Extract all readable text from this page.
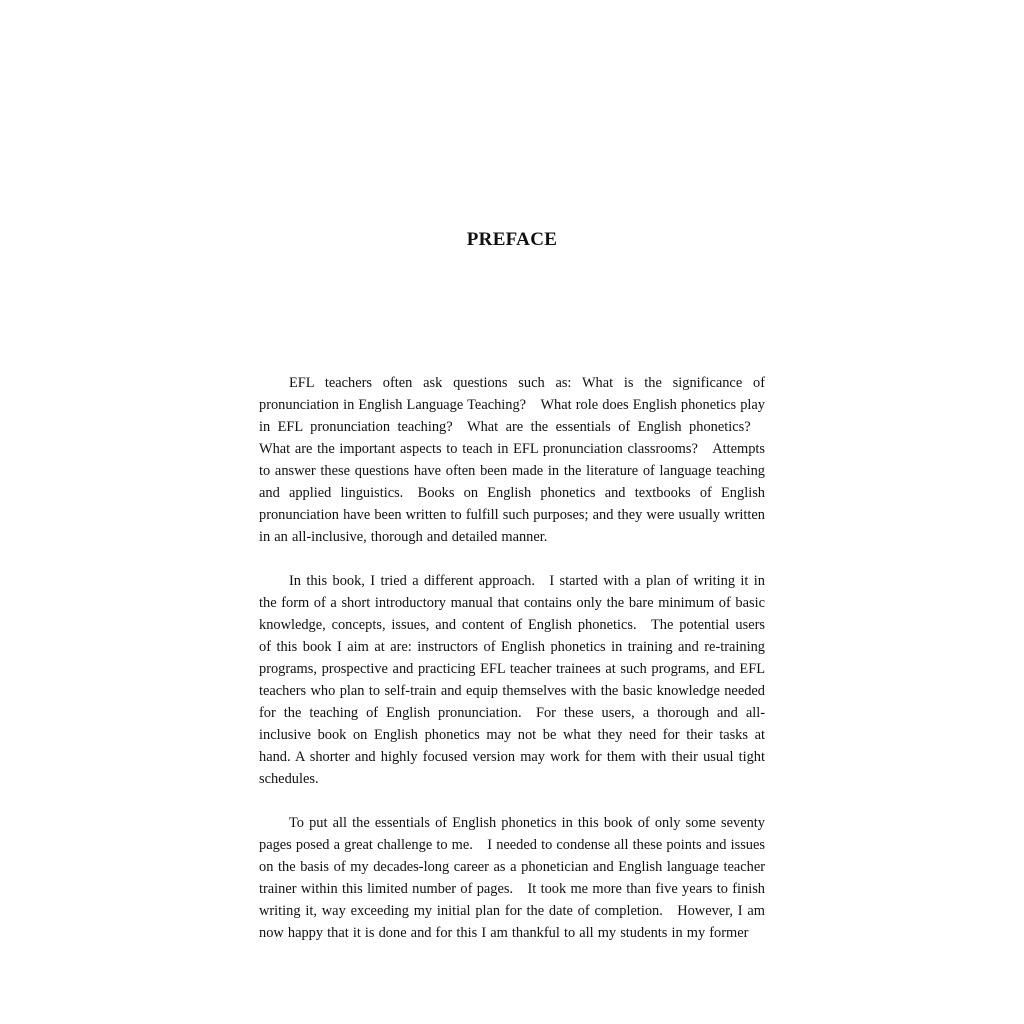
PREFACE

EFL teachers often ask questions such as: What is the significance of pronunciation in English Language Teaching? What role does English phonetics play in EFL pronunciation teaching? What are the essentials of English phonetics? What are the important aspects to teach in EFL pronunciation classrooms? Attempts to answer these questions have often been made in the literature of language teaching and applied linguistics. Books on English phonetics and textbooks of English pronunciation have been written to fulfill such purposes; and they were usually written in an all-inclusive, thorough and detailed manner.

In this book, I tried a different approach. I started with a plan of writing it in the form of a short introductory manual that contains only the bare minimum of basic knowledge, concepts, issues, and content of English phonetics. The potential users of this book I aim at are: instructors of English phonetics in training and re-training programs, prospective and practicing EFL teacher trainees at such programs, and EFL teachers who plan to self-train and equip themselves with the basic knowledge needed for the teaching of English pronunciation. For these users, a thorough and all-inclusive book on English phonetics may not be what they need for their tasks at hand. A shorter and highly focused version may work for them with their usual tight schedules.

To put all the essentials of English phonetics in this book of only some seventy pages posed a great challenge to me. I needed to condense all these points and issues on the basis of my decades-long career as a phonetician and English language teacher trainer within this limited number of pages. It took me more than five years to finish writing it, way exceeding my initial plan for the date of completion. However, I am now happy that it is done and for this I am thankful to all my students in my former
